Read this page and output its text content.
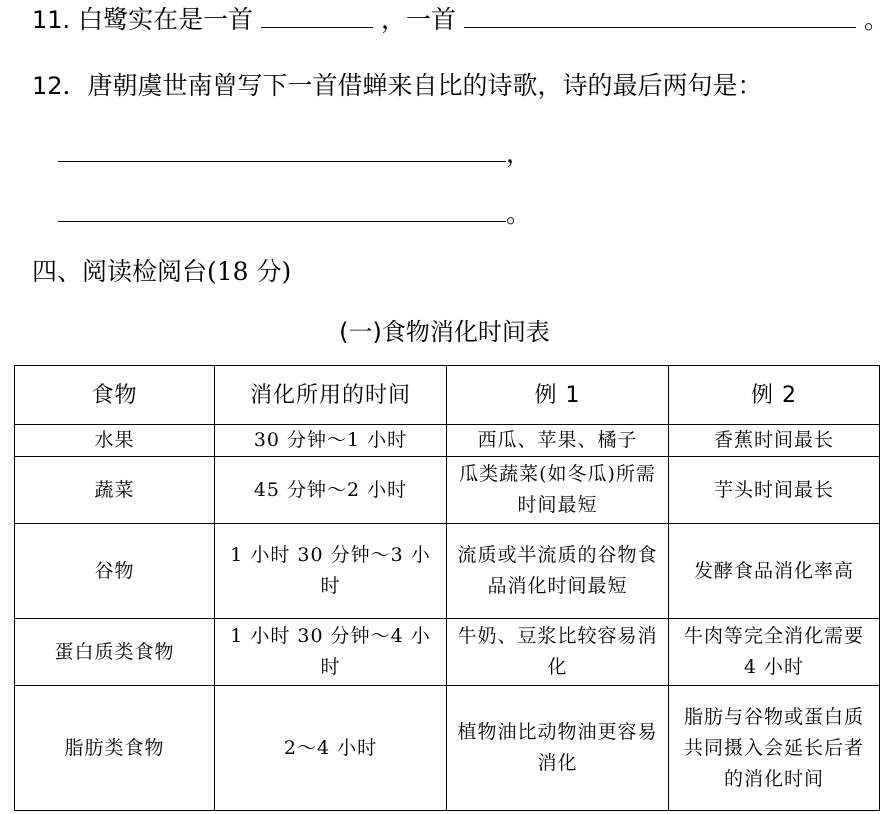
11. 白鹭实在是一首	，一首	。
12．唐朝虞世南曾写下一首借蝉来自比的诗歌，诗的最后两句是：
，
。
四、阅读检阅台(18 分)
(一)食物消化时间表
食物	消化所用的时间	例 1	例 2
水果	30 分钟～1 小时	西瓜、苹果、橘子	香蕉时间最长
蔬菜	45 分钟～2 小时	瓜类蔬菜(如冬瓜)所需时间最短	芋头时间最长
谷物	1 小时 30 分钟～3 小时	流质或半流质的谷物食品消化时间最短	发酵食品消化率高
蛋白质类食物	1 小时 30 分钟～4 小时	牛奶、豆浆比较容易消化	牛肉等完全消化需要 4 小时
脂肪类食物	2～4 小时	植物油比动物油更容易消化	脂肪与谷物或蛋白质共同摄入会延长后者的消化时间
